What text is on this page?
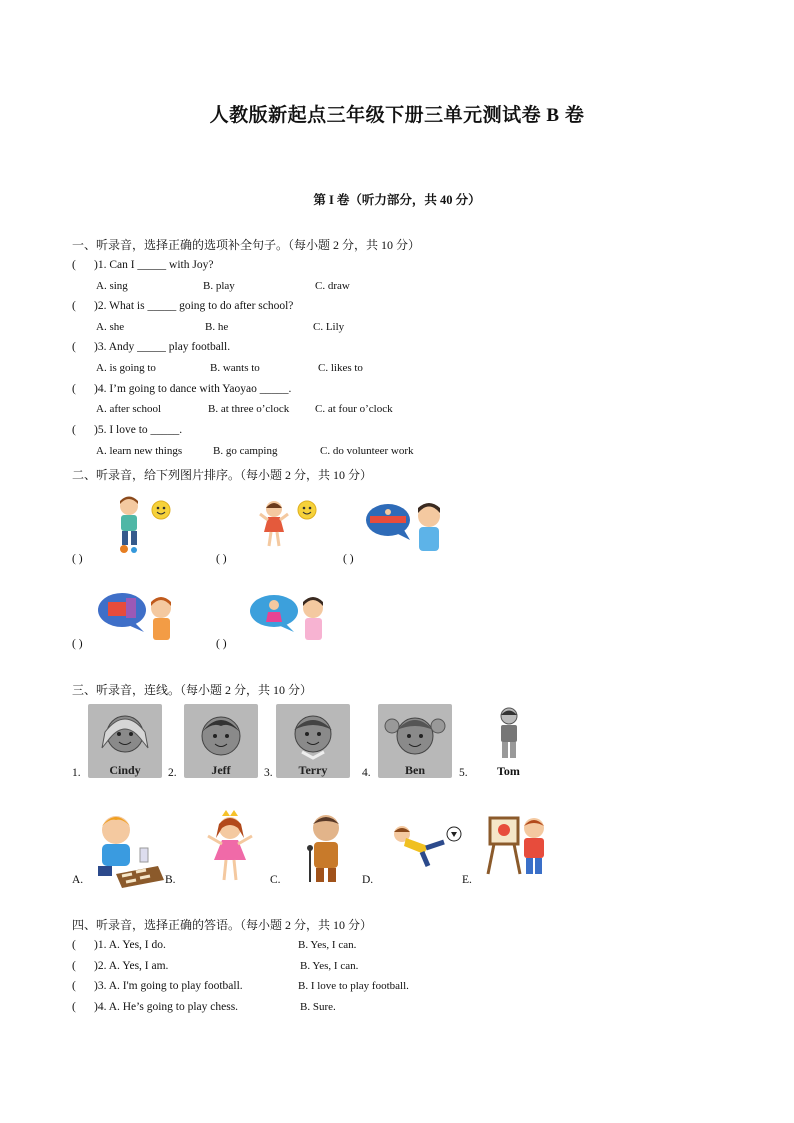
人教版新起点三年级下册三单元测试卷 B 卷
第 I 卷（听力部分，共 40 分）
一、听录音，选择正确的选项补全句子。（每小题 2 分，共 10 分）
( )1. Can I _____ with Joy?
A. sing	B. play	C. draw
( )2. What is _____ going to do after school?
A. she	B. he	C. Lily
( )3. Andy _____ play football.
A. is going to	B. wants to	C. likes to
( )4. I’m going to dance with Yaoyao _____.
A. after school	B. at three o’clock C. at four o’clock
( )5. I love to _____.
A. learn new things	B. go camping	C. do volunteer work
二、听录音，给下列图片排序。（每小题 2 分，共 10 分）
( )	( )	( )
( )	( )
三、听录音，连线。（每小题 2 分，共 10 分）
1.	Cindy	2.	Jeff	3.	Terry	4.	Ben	5. Tom
A.	B.	C.	D.	E.
四、听录音，选择正确的答语。（每小题 2 分，共 10 分）
( )1. A. Yes, I do.	B. Yes, I can.
( )2. A. Yes, I am.	B. Yes, I can.
( )3. A. I'm going to play football.	B. I love to play football.
( )4. A. He’s going to play chess.	B. Sure.
